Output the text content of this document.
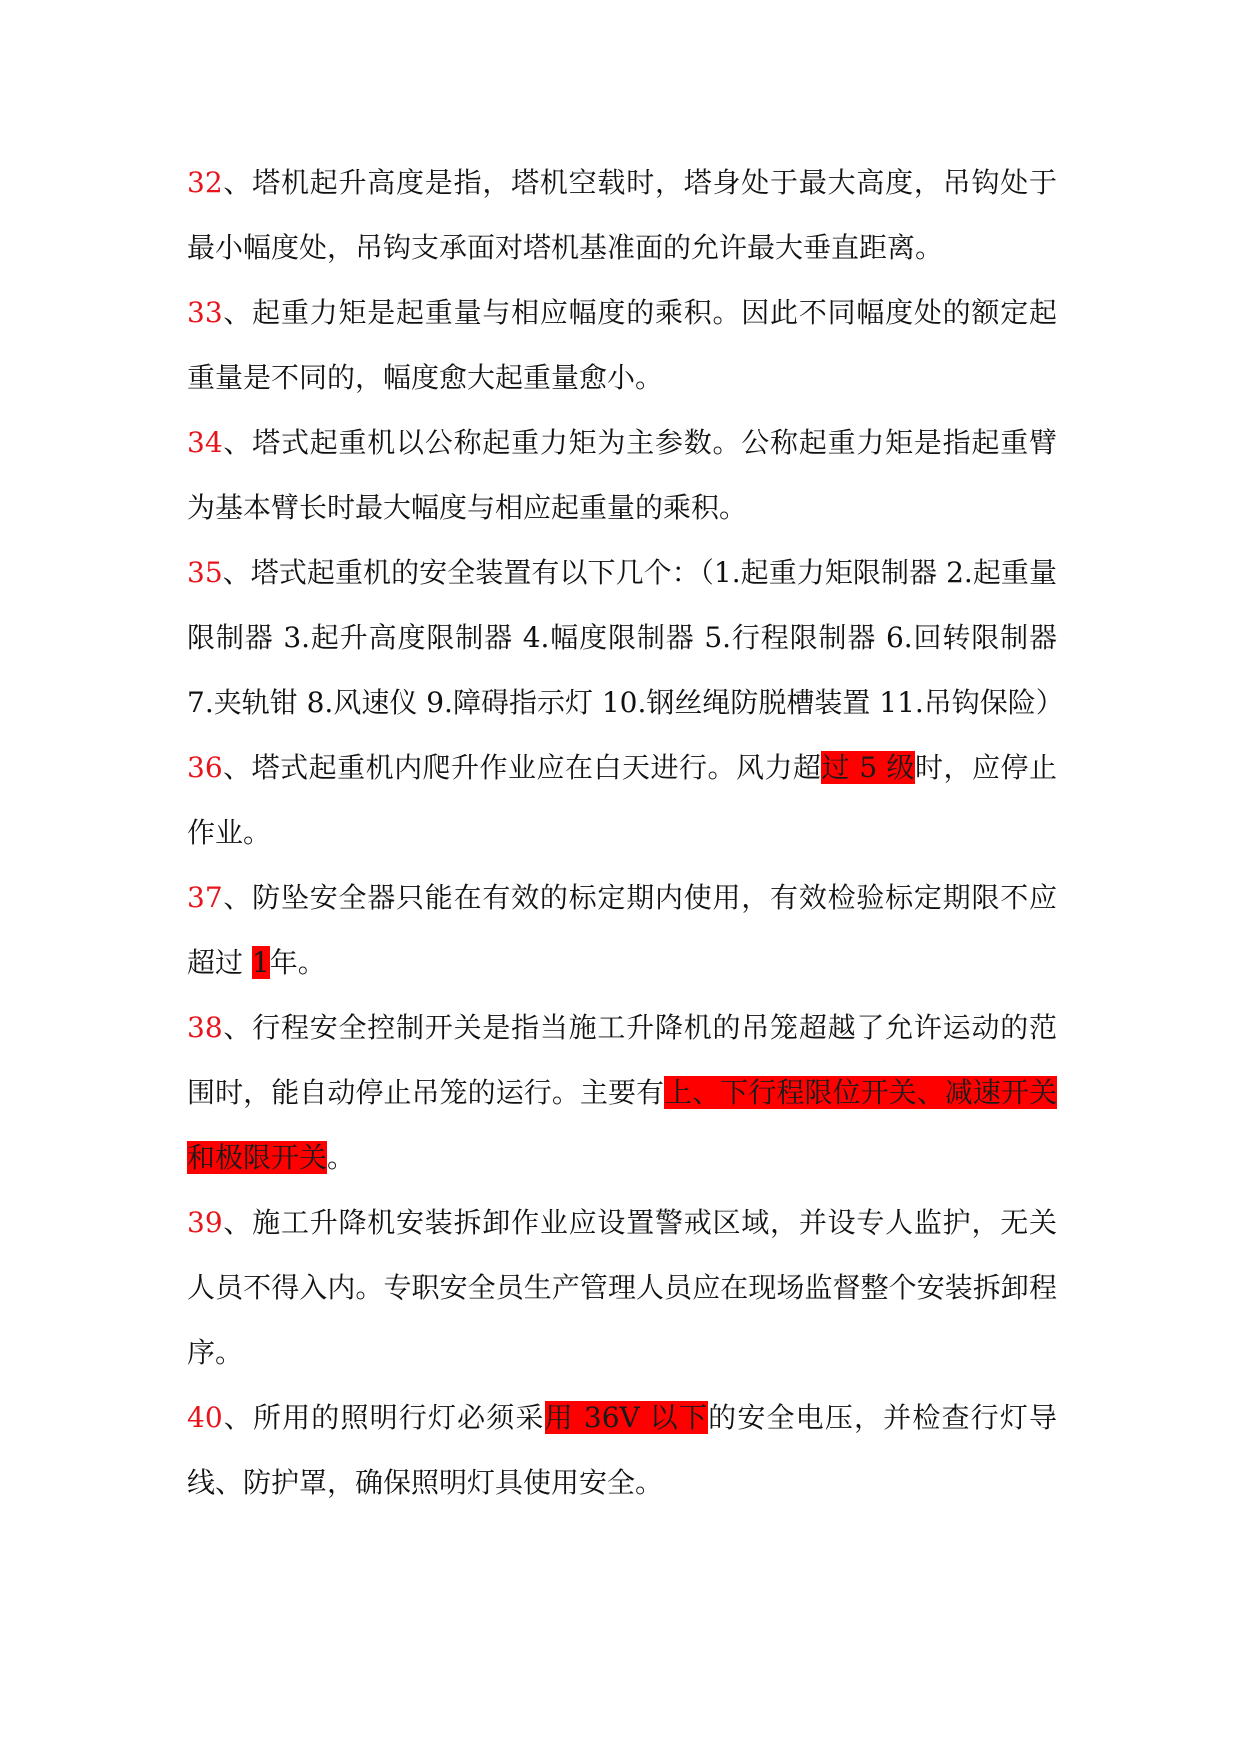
32、塔机起升高度是指，塔机空载时，塔身处于最大高度，吊钩处于最小幅度处，吊钩支承面对塔机基准面的允许最大垂直距离。

33、起重力矩是起重量与相应幅度的乘积。因此不同幅度处的额定起重量是不同的，幅度愈大起重量愈小。

34、塔式起重机以公称起重力矩为主参数。公称起重力矩是指起重臂为基本臂长时最大幅度与相应起重量的乘积。

35、塔式起重机的安全装置有以下几个：（1.起重力矩限制器 2.起重量限制器 3.起升高度限制器 4.幅度限制器 5.行程限制器 6.回转限制器 7.夹轨钳 8.风速仪 9.障碍指示灯 10.钢丝绳防脱槽装置 11.吊钩保险）

36、塔式起重机内爬升作业应在白天进行。风力超过 5 级时，应停止作业。

37、防坠安全器只能在有效的标定期内使用，有效检验标定期限不应超过 1年。

38、行程安全控制开关是指当施工升降机的吊笼超越了允许运动的范围时，能自动停止吊笼的运行。主要有上、下行程限位开关、减速开关和极限开关。

39、施工升降机安装拆卸作业应设置警戒区域，并设专人监护，无关人员不得入内。专职安全员生产管理人员应在现场监督整个安装拆卸程序。

40、所用的照明行灯必须采用 36V 以下的安全电压，并检查行灯导线、防护罩，确保照明灯具使用安全。
